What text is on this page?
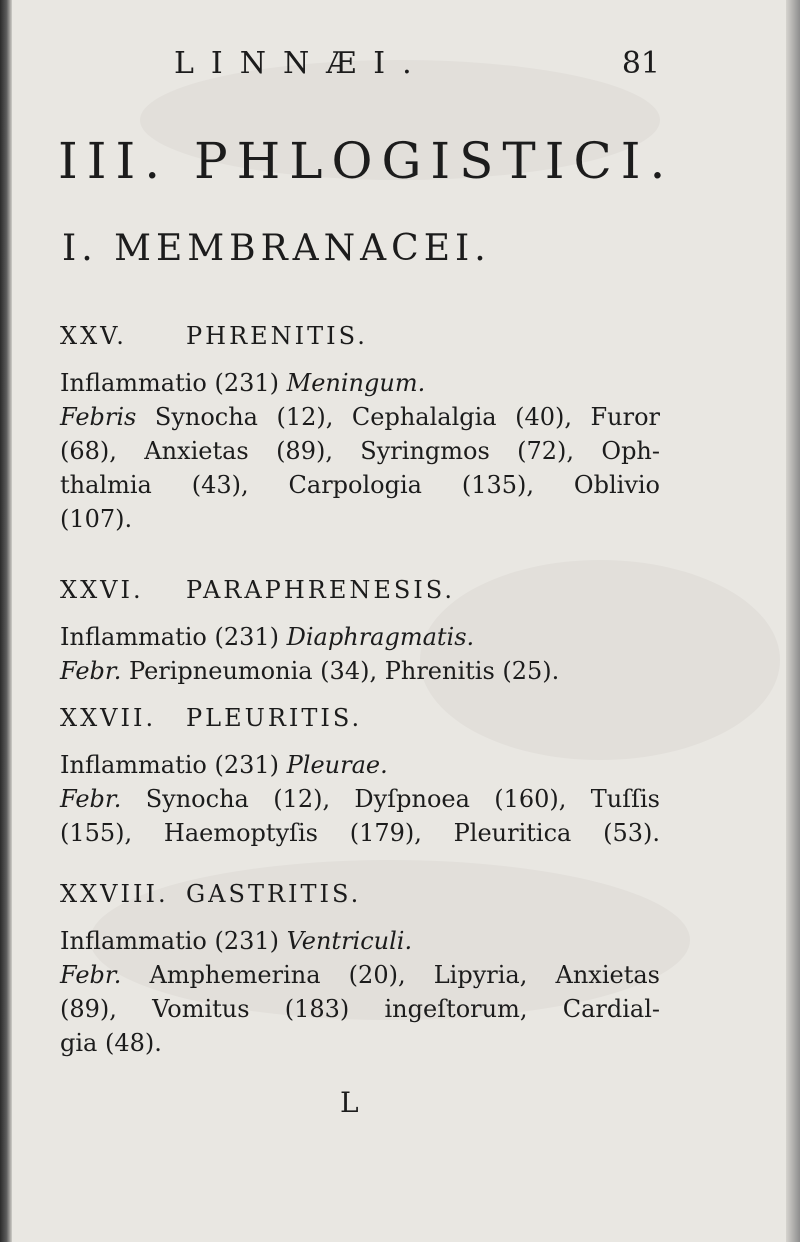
LINNÆI.	81
III. PHLOGISTICI.
I. MEMBRANACEI.
XXV. PHRENITIS.
Inflammatio (231) Meningum.
Febris Synocha (12), Cephalalgia (40), Furor
(68), Anxietas (89), Syringmos (72), Oph-
thalmia (43), Carpologia (135), Oblivio
(107).
XXVI. PARAPHRENESIS.
Inflammatio (231) Diaphragmatis.
Febr. Peripneumonia (34), Phrenitis (25).
XXVII. PLEURITIS.
Inflammatio (231) Pleurae.
Febr. Synocha (12), Dyſpnoea (160), Tuſſis
(155), Haemoptyſis (179), Pleuritica (53).
XXVIII. GASTRITIS.
Inflammatio (231) Ventriculi.
Febr. Amphemerina (20), Lipyria, Anxietas
(89), Vomitus (183) ingeſtorum, Cardial-
gia (48).
L
